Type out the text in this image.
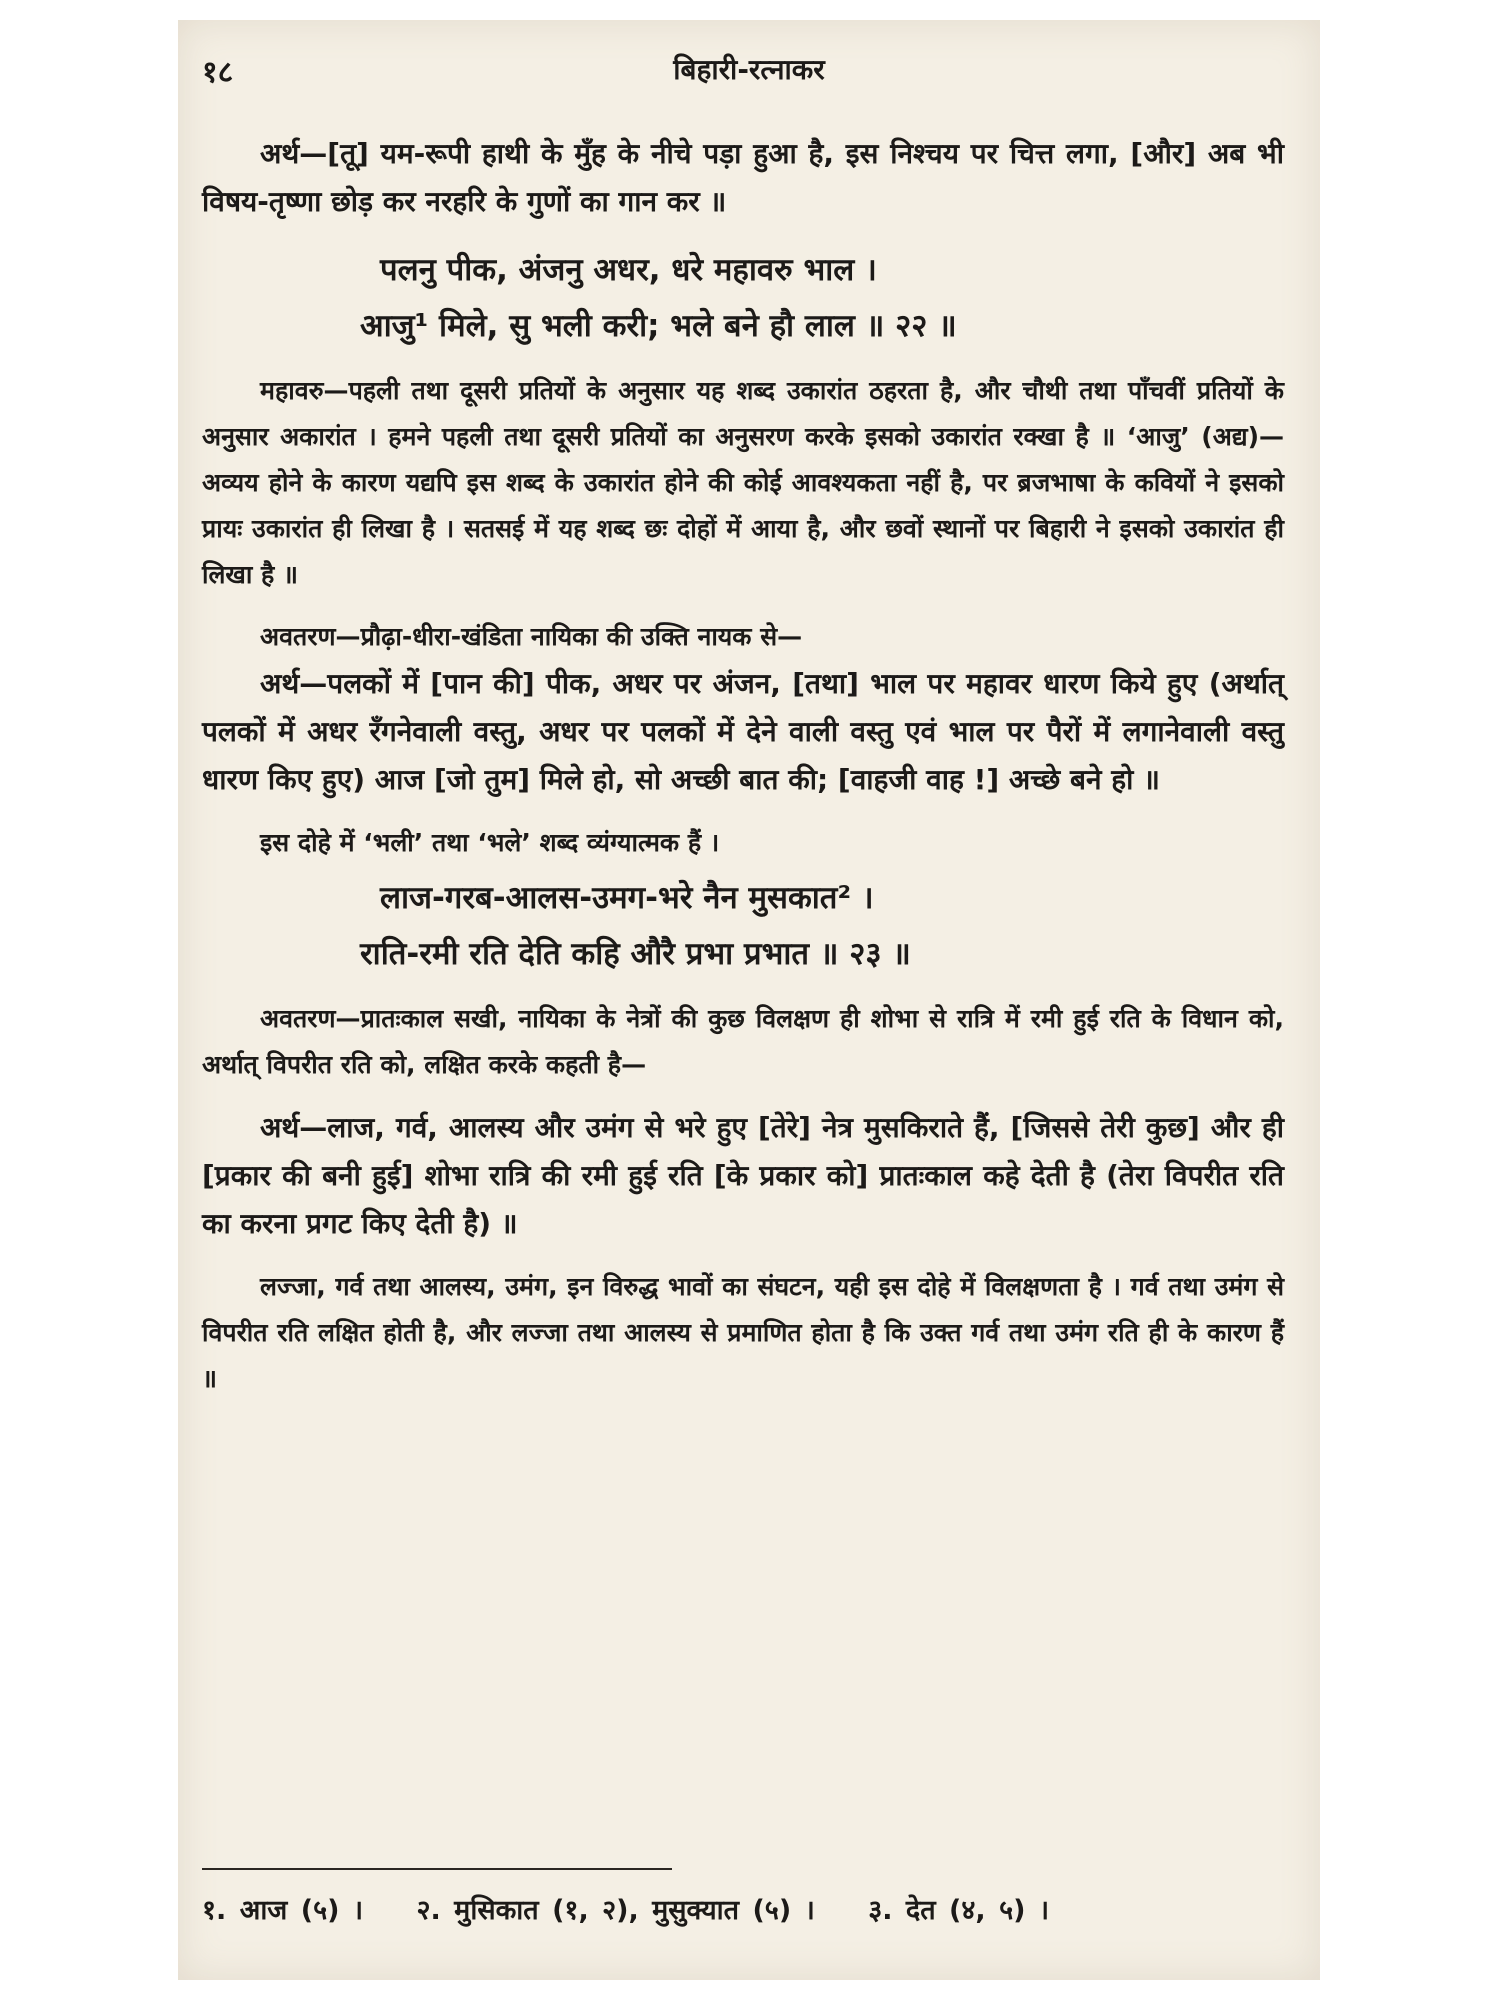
१८	बिहारी-रत्नाकर

अर्थ—[तू] यम-रूपी हाथी के मुँह के नीचे पड़ा हुआ है, इस निश्चय पर चित्त लगा, [और] अब भी विषय-तृष्णा छोड़ कर नरहरि के गुणों का गान कर ॥

पलनु पीक, अंजनु अधर, धरे महावरु भाल ।
आजु¹ मिले, सु भली करी; भले बने हौ लाल ॥ २२ ॥

महावरु—पहली तथा दूसरी प्रतियों के अनुसार यह शब्द उकारांत ठहरता है, और चौथी तथा पाँचवीं प्रतियों के अनुसार अकारांत । हमने पहली तथा दूसरी प्रतियों का अनुसरण करके इसको उकारांत रक्खा है ॥ ‘आजु’ (अद्य)—अव्यय होने के कारण यद्यपि इस शब्द के उकारांत होने की कोई आवश्यकता नहीं है, पर ब्रजभाषा के कवियों ने इसको प्रायः उकारांत ही लिखा है । सतसई में यह शब्द छः दोहों में आया है, और छवों स्थानों पर बिहारी ने इसको उकारांत ही लिखा है ॥

अवतरण—प्रौढ़ा-धीरा-खंडिता नायिका की उक्ति नायक से—

अर्थ—पलकों में [पान की] पीक, अधर पर अंजन, [तथा] भाल पर महावर धारण किये हुए (अर्थात् पलकों में अधर रँगनेवाली वस्तु, अधर पर पलकों में देने वाली वस्तु एवं भाल पर पैरों में लगानेवाली वस्तु धारण किए हुए) आज [जो तुम] मिले हो, सो अच्छी बात की; [वाहजी वाह !] अच्छे बने हो ॥

इस दोहे में ‘भली’ तथा ‘भले’ शब्द व्यंग्यात्मक हैं ।

लाज-गरब-आलस-उमग-भरे नैन मुसकात² ।
राति-रमी रति देति कहि औरै प्रभा प्रभात ॥ २३ ॥

अवतरण—प्रातःकाल सखी, नायिका के नेत्रों की कुछ विलक्षण ही शोभा से रात्रि में रमी हुई रति के विधान को, अर्थात् विपरीत रति को, लक्षित करके कहती है—

अर्थ—लाज, गर्व, आलस्य और उमंग से भरे हुए [तेरे] नेत्र मुसकिराते हैं, [जिससे तेरी कुछ] और ही [प्रकार की बनी हुई] शोभा रात्रि की रमी हुई रति [के प्रकार को] प्रातःकाल कहे देती है (तेरा विपरीत रति का करना प्रगट किए देती है) ॥

लज्जा, गर्व तथा आलस्य, उमंग, इन विरुद्ध भावों का संघटन, यही इस दोहे में विलक्षणता है । गर्व तथा उमंग से विपरीत रति लक्षित होती है, और लज्जा तथा आलस्य से प्रमाणित होता है कि उक्त गर्व तथा उमंग रति ही के कारण हैं ॥

१. आज (५) । २. मुसिकात (१, २), मुसुक्यात (५) । ३. देत (४, ५) ।
